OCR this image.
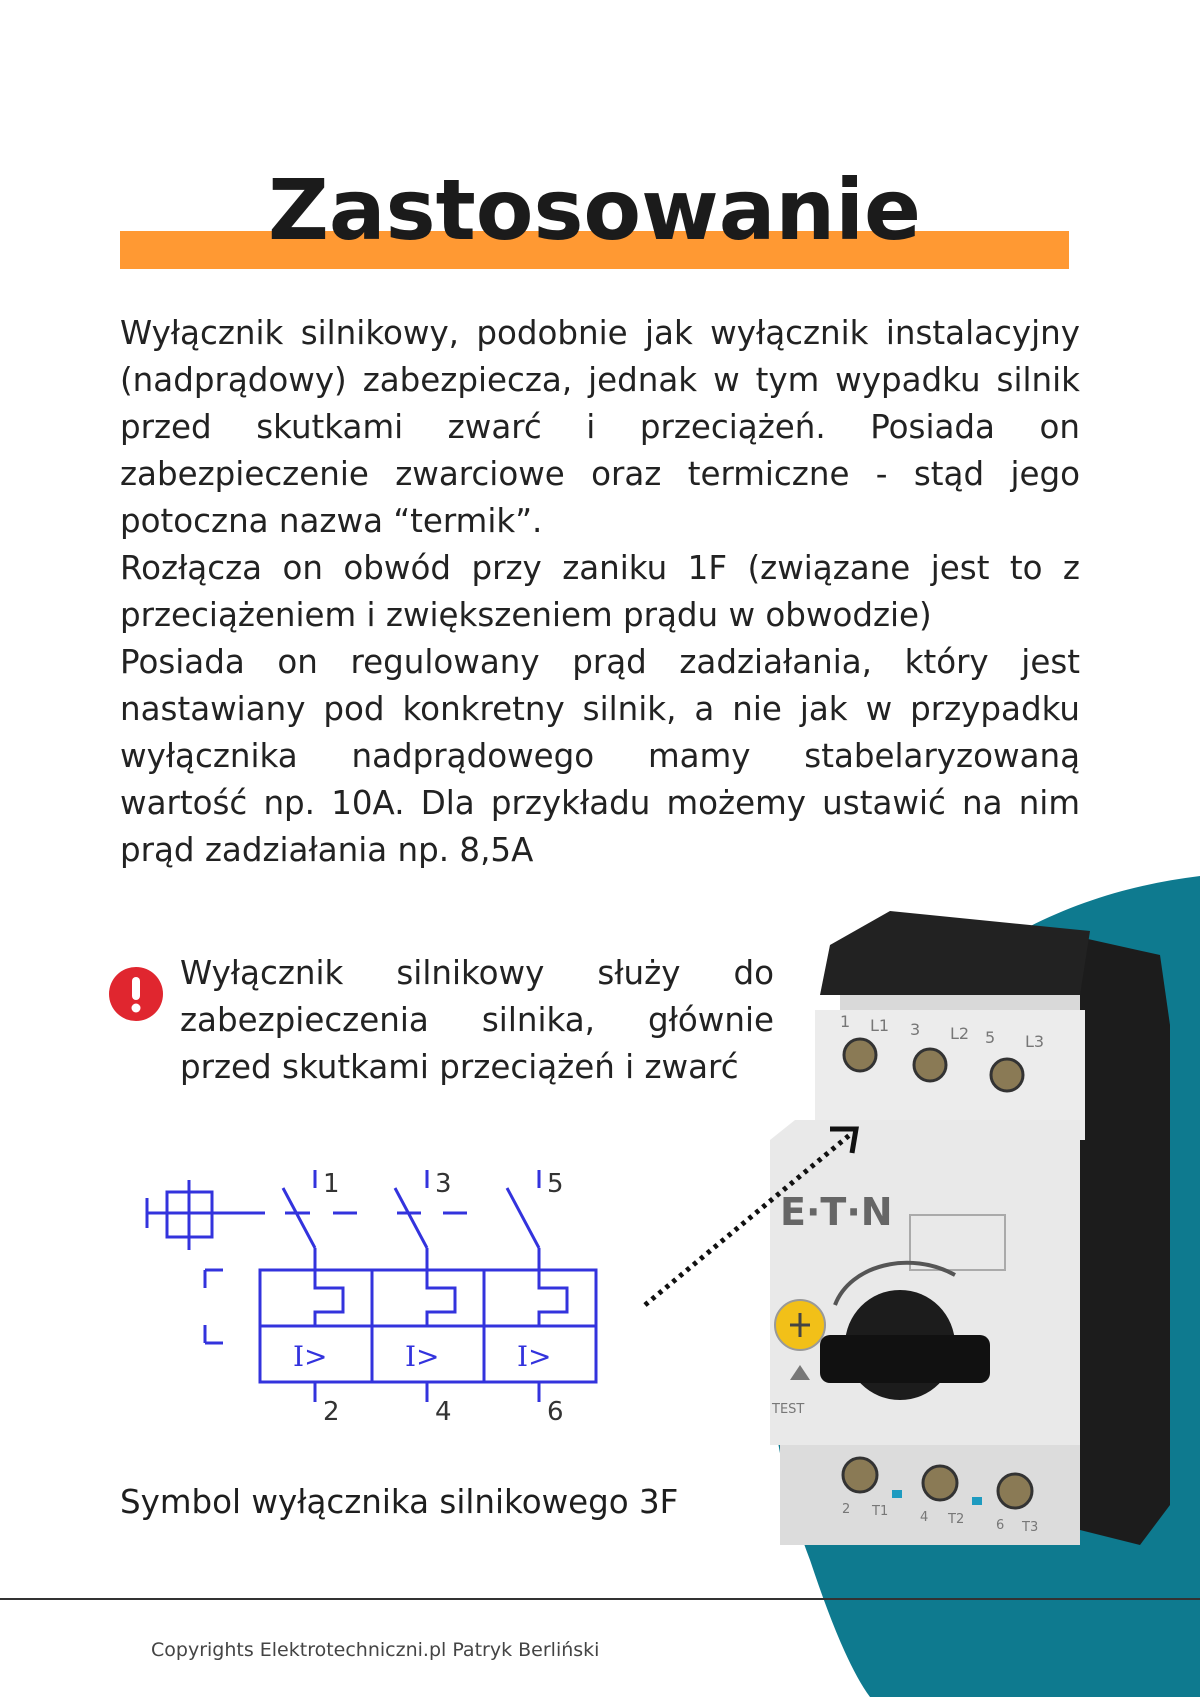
Zastosowanie

Wyłącznik silnikowy, podobnie jak wyłącznik instalacyjny (nadprądowy) zabezpiecza, jednak w tym wypadku silnik przed skutkami zwarć i przeciążeń. Posiada on zabezpieczenie zwarciowe oraz termiczne - stąd jego potoczna nazwa “termik”.

Rozłącza on obwód przy zaniku 1F (związane jest to z przeciążeniem i zwiększeniem prądu w obwodzie)

Posiada on regulowany prąd zadziałania, który jest nastawiany pod konkretny silnik, a nie jak w przypadku wyłącznika nadprądowego mamy stabelaryzowaną wartość np. 10A. Dla przykładu możemy ustawić na nim prąd zadziałania np. 8,5A

Wyłącznik silnikowy służy do zabezpieczenia silnika, głównie przed skutkami przeciążeń i zwarć

I>	I>	I>
1	3	5
2	4	6

Symbol wyłącznika silnikowego 3F

1 L1 3 L2 5 L3
E·T·N
TEST
2 T1 4 T2 6 T3

Copyrights Elektrotechniczni.pl Patryk Berliński
